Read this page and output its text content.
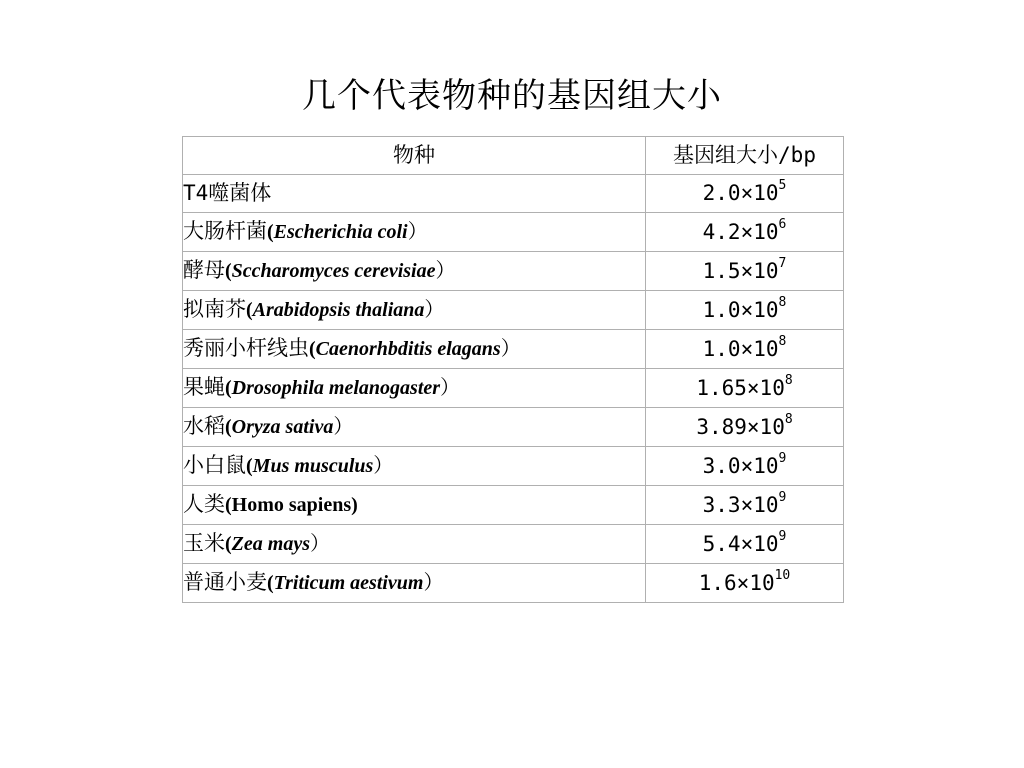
几个代表物种的基因组大小
物种	基因组大小/bp
T4噬菌体	$2.0\times 10^5$
大肠杆菌(Escherichia coli）	$4.2\times 10^6$
酵母(Sccharomyces cerevisiae）	$1.5\times 10^7$
拟南芥(Arabidopsis thaliana）	$1.0\times 10^8$
秀丽小杆线虫(Caenorhbditis elagans）	$1.0\times 10^8$
果蝇(Drosophila melanogaster）	$1.65\times 10^8$
水稻(Oryza sativa）	$3.89\times 10^8$
小白鼠(Mus musculus）	$3.0\times 10^9$
人类(Homo sapiens)	$3.3\times 10^9$
玉米(Zea mays）	$5.4\times 10^9$
普通小麦(Triticum aestivum）	$1.6\times 10^{10}$
